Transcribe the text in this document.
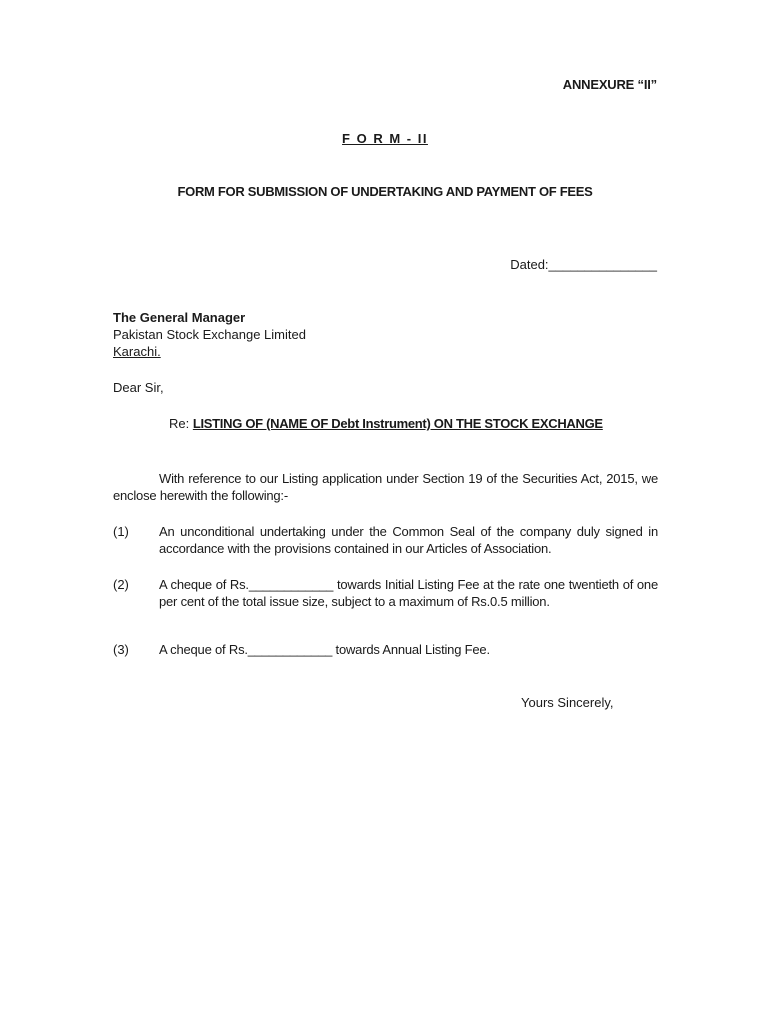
ANNEXURE “II”
F O R M - II
FORM FOR SUBMISSION OF UNDERTAKING AND PAYMENT OF FEES
Dated:_______________
The General Manager
Pakistan Stock Exchange Limited
Karachi.
Dear Sir,
Re: LISTING OF (NAME OF Debt Instrument) ON THE STOCK EXCHANGE
With reference to our Listing application under Section 19 of the Securities Act, 2015, we enclose herewith the following:-
(1) An unconditional undertaking under the Common Seal of the company duly signed in accordance with the provisions contained in our Articles of Association.
(2) A cheque of Rs.____________ towards Initial Listing Fee at the rate one twentieth of one per cent of the total issue size, subject to a maximum of Rs.0.5 million.
(3) A cheque of Rs.____________ towards Annual Listing Fee.
Yours Sincerely,
